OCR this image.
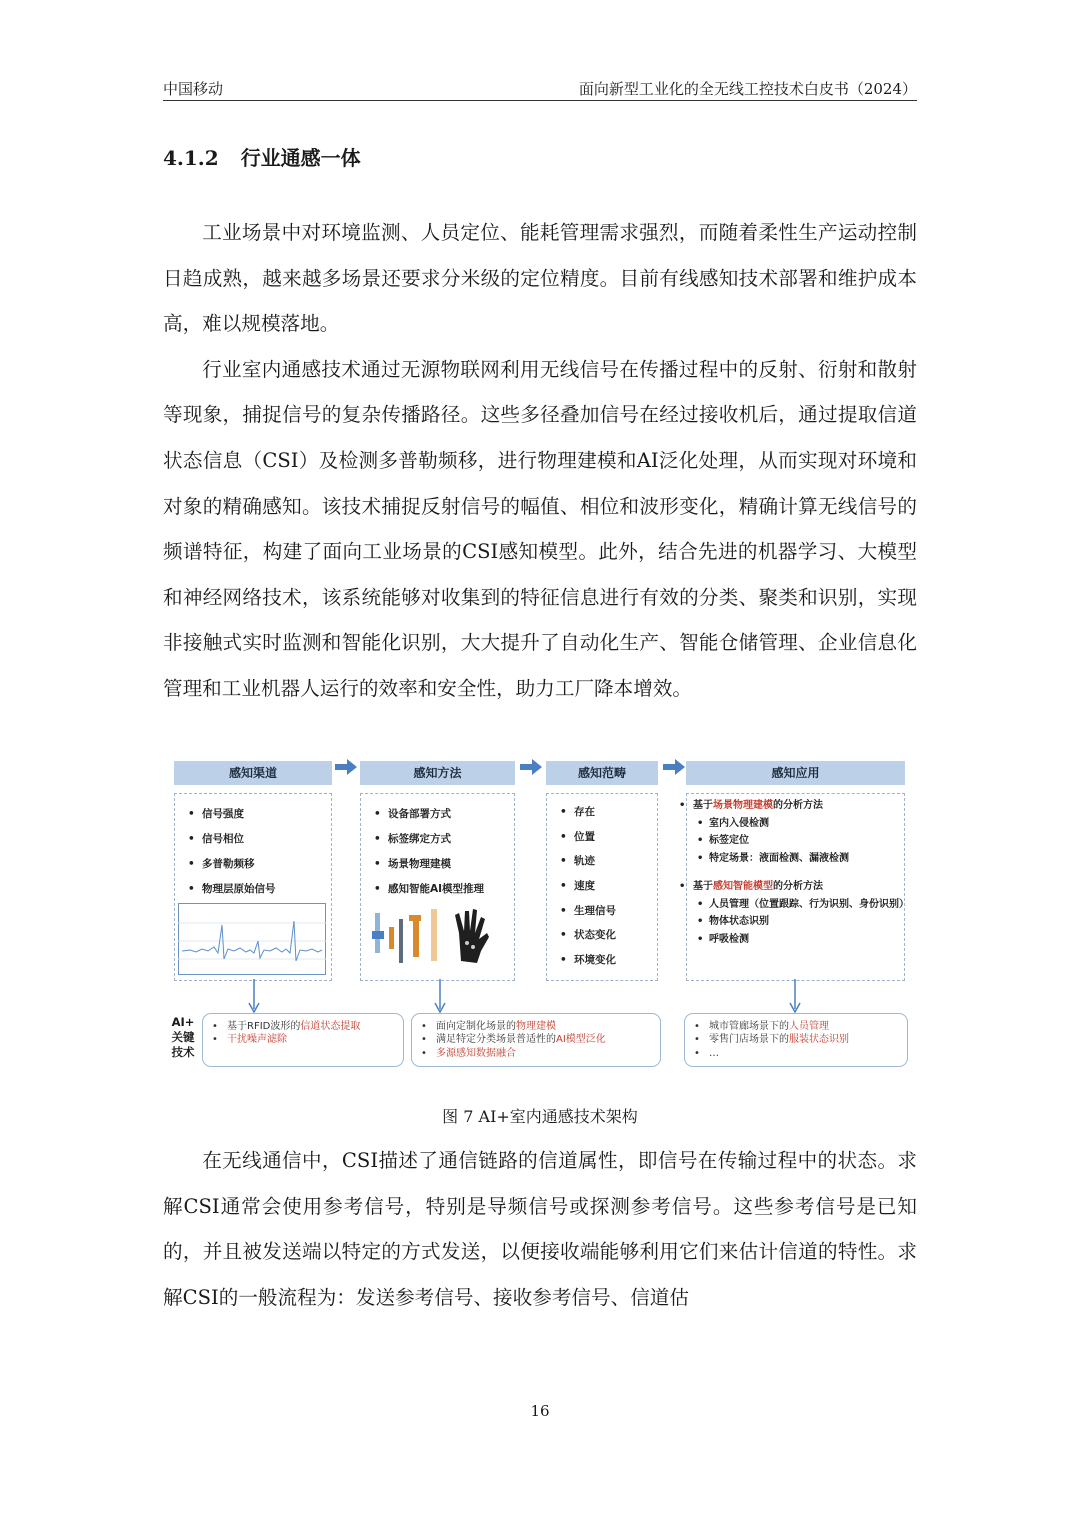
中国移动	面向新型工业化的全无线工控技术白皮书（2024）
4.1.2 行业通感一体

工业场景中对环境监测、人员定位、能耗管理需求强烈，而随着柔性生产运动控制日趋成熟，越来越多场景还要求分米级的定位精度。目前有线感知技术部署和维护成本高，难以规模落地。

行业室内通感技术通过无源物联网利用无线信号在传播过程中的反射、衍射和散射等现象，捕捉信号的复杂传播路径。这些多径叠加信号在经过接收机后，通过提取信道状态信息（CSI）及检测多普勒频移，进行物理建模和AI泛化处理，从而实现对环境和对象的精确感知。该技术捕捉反射信号的幅值、相位和波形变化，精确计算无线信号的频谱特征，构建了面向工业场景的CSI感知模型。此外，结合先进的机器学习、大模型和神经网络技术，该系统能够对收集到的特征信息进行有效的分类、聚类和识别，实现非接触式实时监测和智能化识别，大大提升了自动化生产、智能仓储管理、企业信息化管理和工业机器人运行的效率和安全性，助力工厂降本增效。

感知渠道	感知方法	感知范畴	感知应用
• 信号强度
• 信号相位
• 多普勒频移
• 物理层原始信号
• 设备部署方式
• 标签绑定方式
• 场景物理建模
• 感知智能AI模型推理
• 存在
• 位置
• 轨迹
• 速度
• 生理信号
• 状态变化
• 环境变化
• 基于场景物理建模的分析方法
• 室内入侵检测
• 标签定位
• 特定场景：液面检测、漏液检测
• 基于感知智能模型的分析方法
• 人员管理（位置跟踪、行为识别、身份识别）
• 物体状态识别
• 呼吸检测
AI+
关键
技术
• 基于RFID波形的信道状态提取
• 干扰噪声滤除
• 面向定制化场景的物理建模
• 满足特定分类场景普适性的AI模型泛化
• 多源感知数据融合
• 城市管廊场景下的人员管理
• 零售门店场景下的服装状态识别
• …
图 7 AI+室内通感技术架构

在无线通信中，CSI描述了通信链路的信道属性，即信号在传输过程中的状态。求解CSI通常会使用参考信号，特别是导频信号或探测参考信号。这些参考信号是已知的，并且被发送端以特定的方式发送，以便接收端能够利用它们来估计信道的特性。求解CSI的一般流程为：发送参考信号、接收参考信号、信道估

16
